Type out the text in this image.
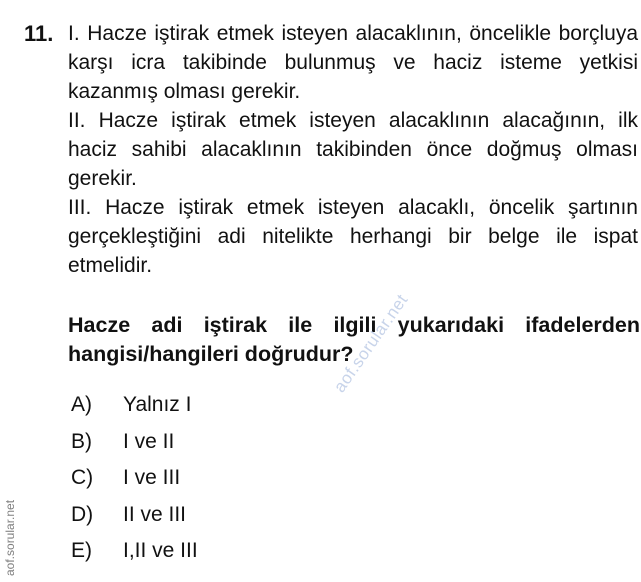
11. I. Hacze iştirak etmek isteyen alacaklının, öncelikle borçluya karşı icra takibinde bulunmuş ve haciz isteme yetkisi kazanmış olması gerekir.

II. Hacze iştirak etmek isteyen alacaklının alacağının, ilk haciz sahibi alacaklının takibinden önce doğmuş olması gerekir.

III. Hacze iştirak etmek isteyen alacaklı, öncelik şartının gerçekleştiğini adi nitelikte herhangi bir belge ile ispat etmelidir.

Hacze adi iştirak ile ilgili yukarıdaki ifadelerden hangisi/hangileri doğrudur?
A)	Yalnız I
B)	I ve II
C)	I ve III
D)	II ve III
E)	I,II ve III
aof.sorular.net
aof.sorular.net
